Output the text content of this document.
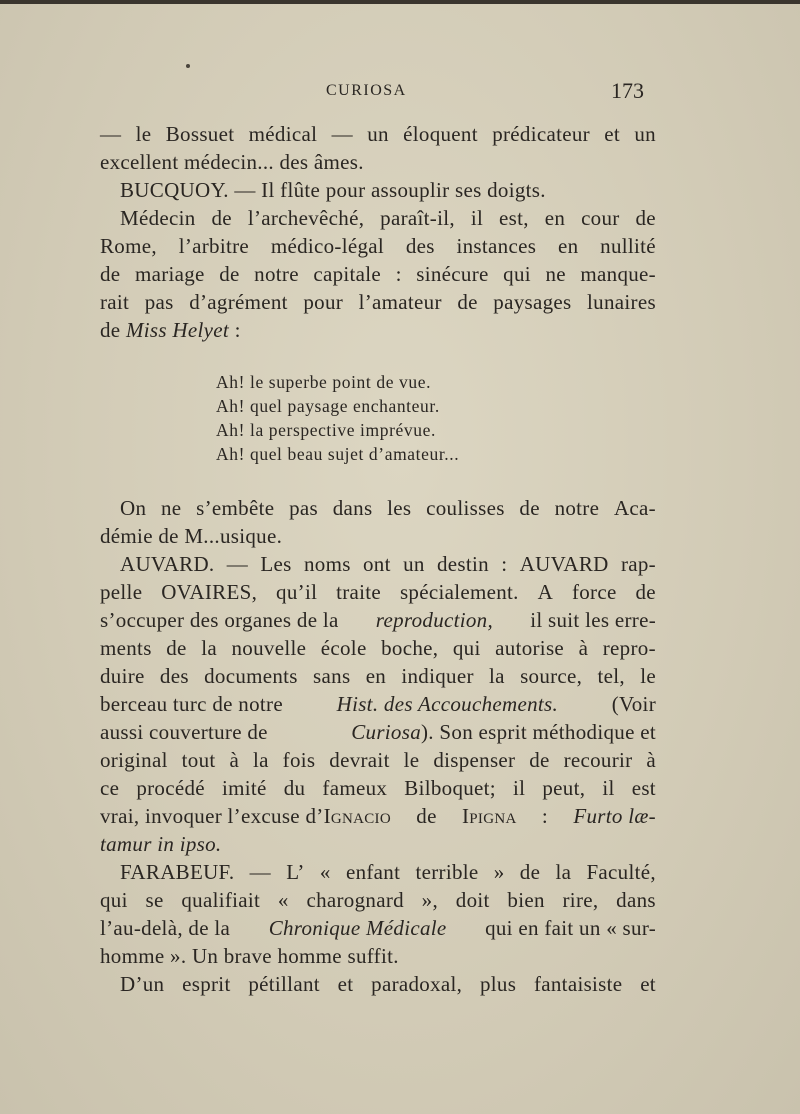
CURIOSA	173
— le Bossuet médical — un éloquent prédicateur et un
excellent médecin... des âmes.
BUCQUOY. — Il flûte pour assouplir ses doigts.
Médecin de l’archevêché, paraît-il, il est, en cour de
Rome, l’arbitre médico-légal des instances en nullité
de mariage de notre capitale : sinécure qui ne manque-
rait pas d’agrément pour l’amateur de paysages lunaires
de
Miss Helyet
:
Ah! le superbe point de vue.
Ah! quel paysage enchanteur.
Ah! la perspective imprévue.
Ah! quel beau sujet d’amateur...
On ne s’embête pas dans les coulisses de notre Aca-
démie de M...usique.
AUVARD. — Les noms ont un destin : AUVARD rap-
pelle OVAIRES, qu’il traite spécialement. A force de
s’occuper des organes de la reproduction, il suit les erre-
ments de la nouvelle école boche, qui autorise à repro-
duire des documents sans en indiquer la source, tel, le
berceau turc de notre	Hist. des Accouchements.	(Voir
aussi couverture de	Curiosa). Son esprit méthodique et
original tout à la fois devrait le dispenser de recourir à
ce procédé imité du fameux Bilboquet; il peut, il est
vrai, invoquer l’excuse d’Ignacio de Ipigna : Furto læ-
tamur in ipso.
FARABEUF. — L’ « enfant terrible » de la Faculté,
qui se qualifiait « charognard », doit bien rire, dans
l’au-delà, de la Chronique Médicale qui en fait un « sur-
homme ». Un brave homme suffit.
D’un esprit pétillant et paradoxal, plus fantaisiste et
